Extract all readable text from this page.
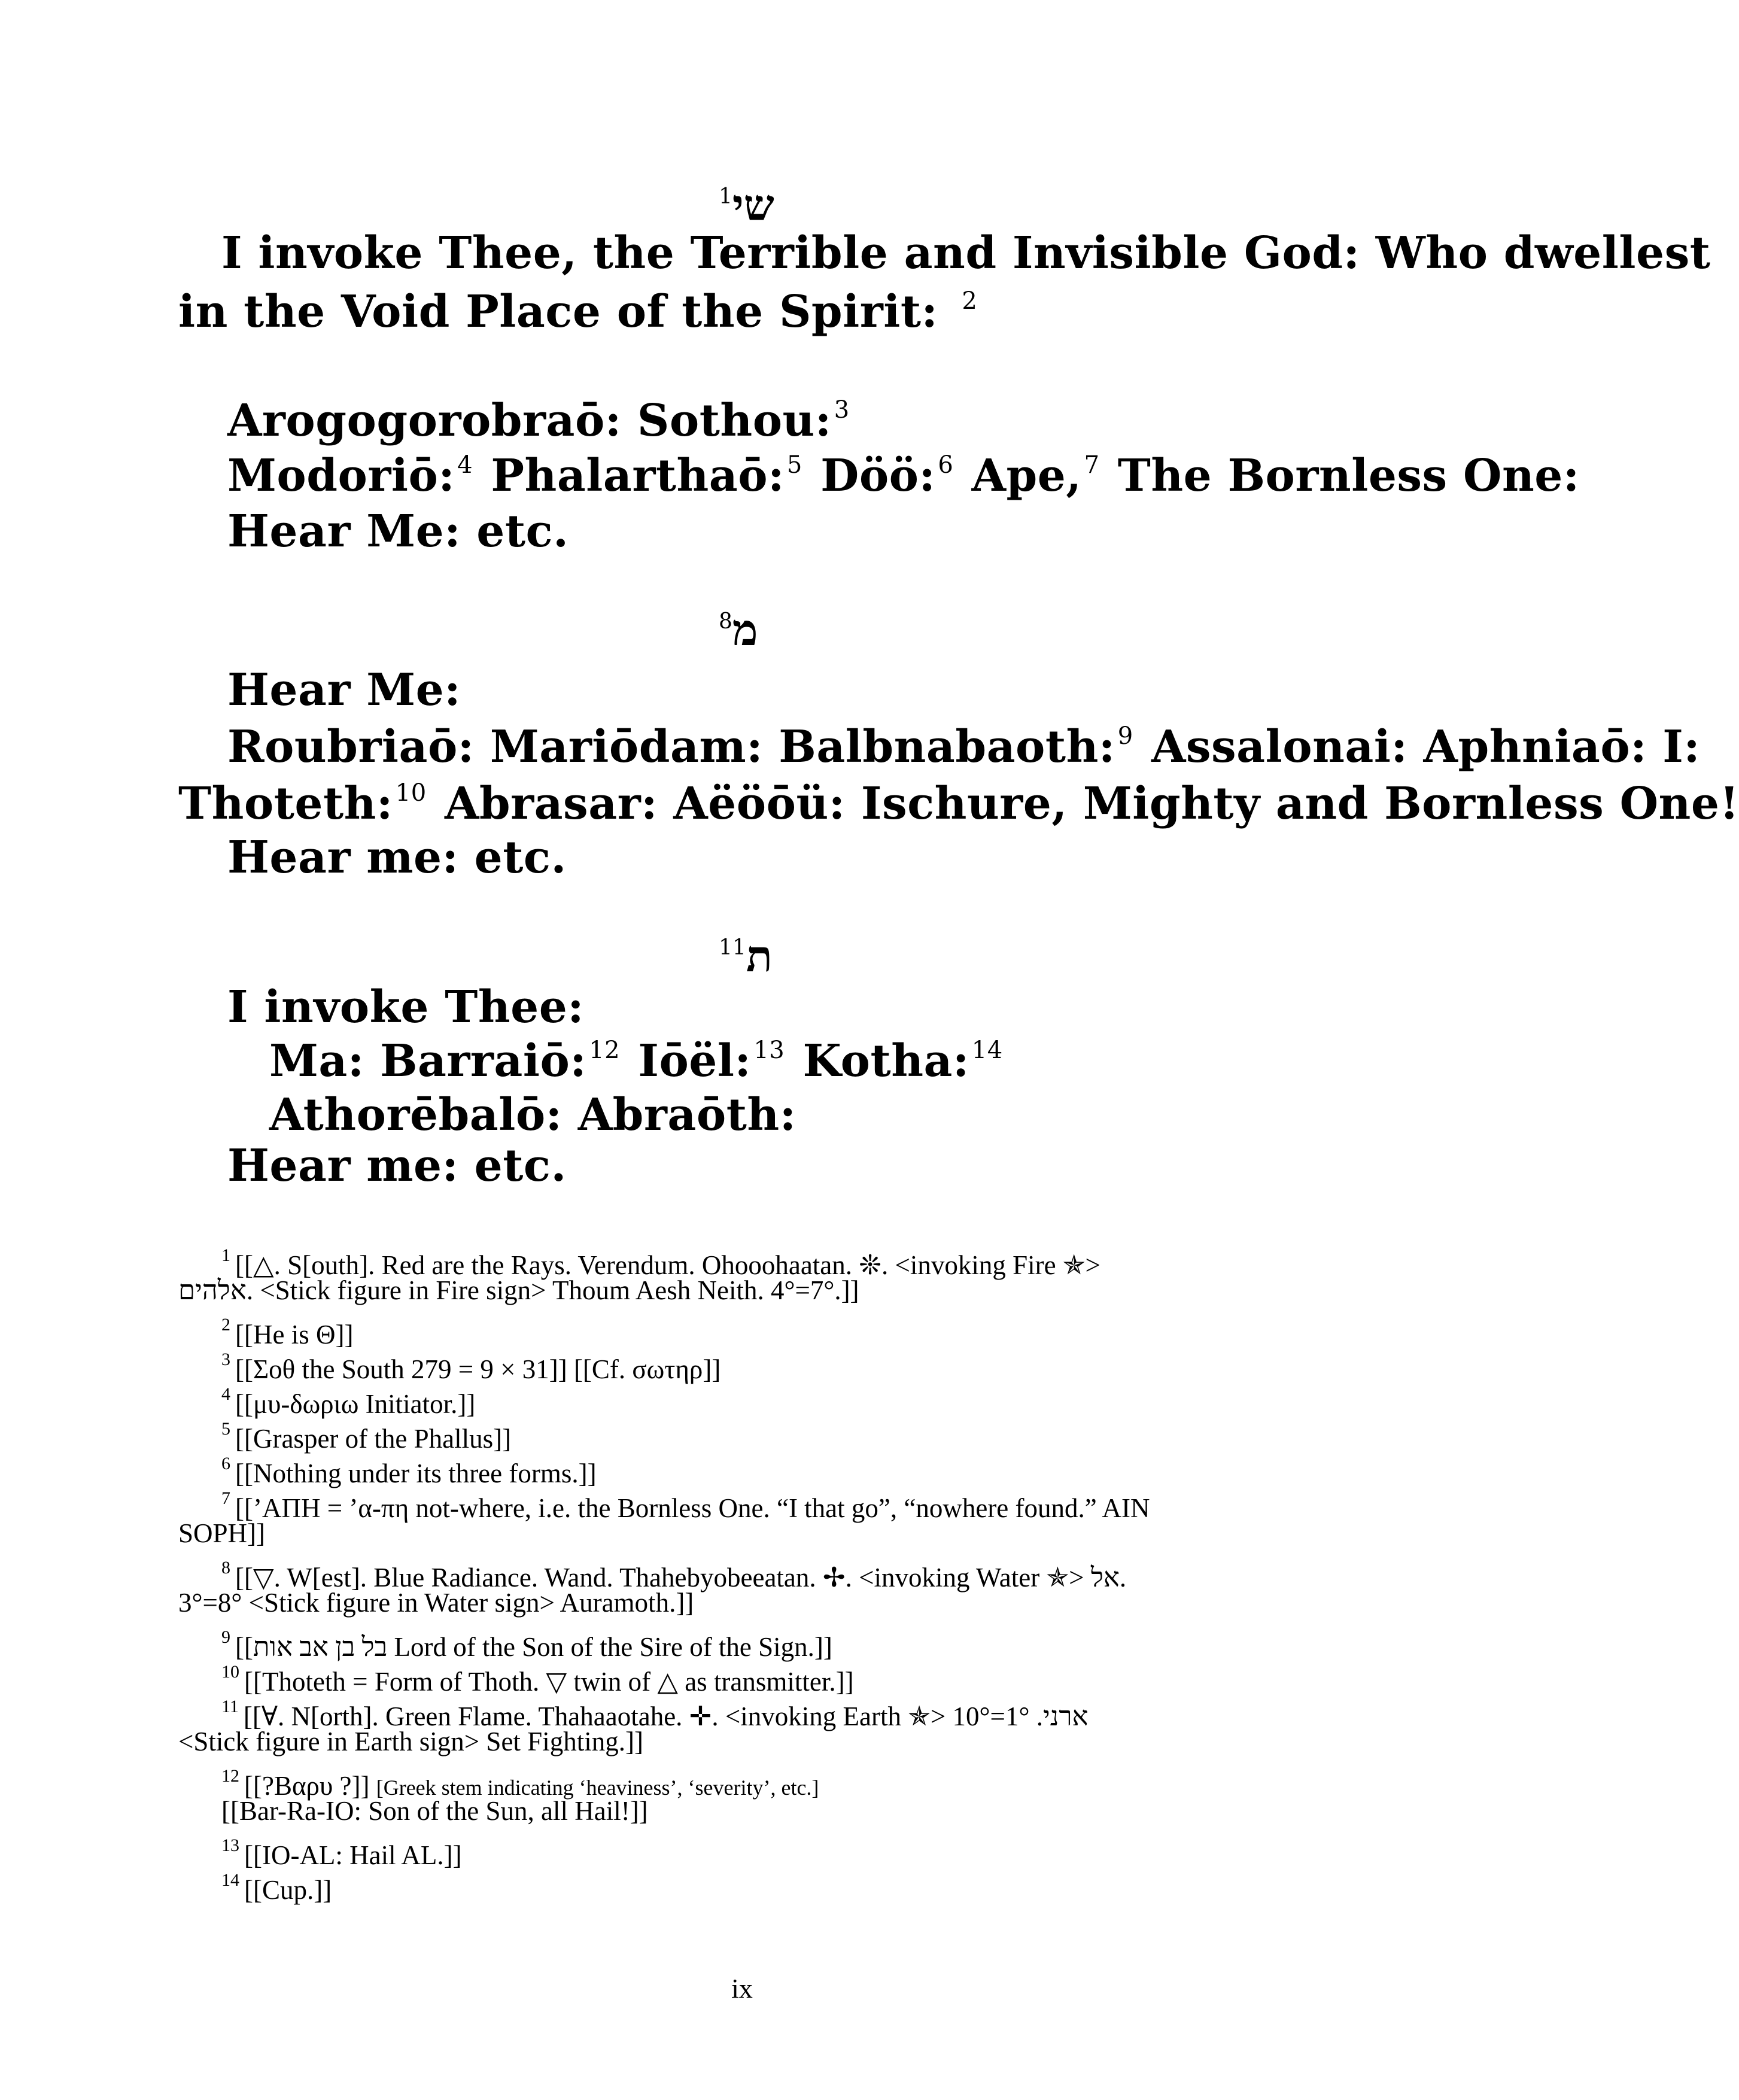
שי$^1$
I invoke Thee, the Terrible and Invisible God: Who dwellest
in the Void Place of the Spirit: $^2$
Arogogorobraō: Sothou: $^3$
Modoriō: $^4$ Phalarthaō: $^5$ Döö: $^6$ Ape, $^7$ The Bornless One:
Hear Me: etc.
מ$^8$
Hear Me:
Roubriaō: Mariōdam: Balbnabaoth: $^9$ Assalonai: Aphniaō: I:
Thoteth: $^{10}$ Abrasar: Aëöōü: Ischure, Mighty and Bornless One!
Hear me: etc.
ת$^{11}$
I invoke Thee:
Ma: Barraiō: $^{12}$ Iōël: $^{13}$ Kotha: $^{14}$
Athorēbalō: Abraōth:
Hear me: etc.
$^1$ [[△. S[outh]. Red are the Rays. Verendum. Ohooohaatan. ❊. <invoking Fire ✯>
אלהים. <Stick figure in Fire sign> Thoum Aesh Neith. 4°=7°.]]
$^2$ [[He is Θ]]
$^3$ [[Σοθ the South 279 = 9 × 31]] [[Cf. σωτηρ]]
$^4$ [[μυ-δωριω Initiator.]]
$^5$ [[Grasper of the Phallus]]
$^6$ [[Nothing under its three forms.]]
$^7$ [[’AΠH = ’α-πη not-where, i.e. the Bornless One. “I that go”, “nowhere found.” AIN
SOPH]]
$^8$ [[▽. W[est]. Blue Radiance. Wand. Thahebyobeeatan. ✢. <invoking Water ✯> אל.
3°=8° <Stick figure in Water sign> Auramoth.]]
$^9$ [[בל בן אב אות Lord of the Son of the Sire of the Sign.]]
$^{10}$ [[Thoteth = Form of Thoth. ▽ twin of △ as transmitter.]]
$^{11}$ [[∀. N[orth]. Green Flame. Thahaaotahe. ✛. <invoking Earth ✯> ארני. 1°=10°
<Stick figure in Earth sign> Set Fighting.]]
$^{12}$ [[?Bαρυ ?]] [Greek stem indicating ‘heaviness’, ‘severity’, etc.]
[[Bar-Ra-IO: Son of the Sun, all Hail!]]
$^{13}$ [[IO-AL: Hail AL.]]
$^{14}$ [[Cup.]]
ix
